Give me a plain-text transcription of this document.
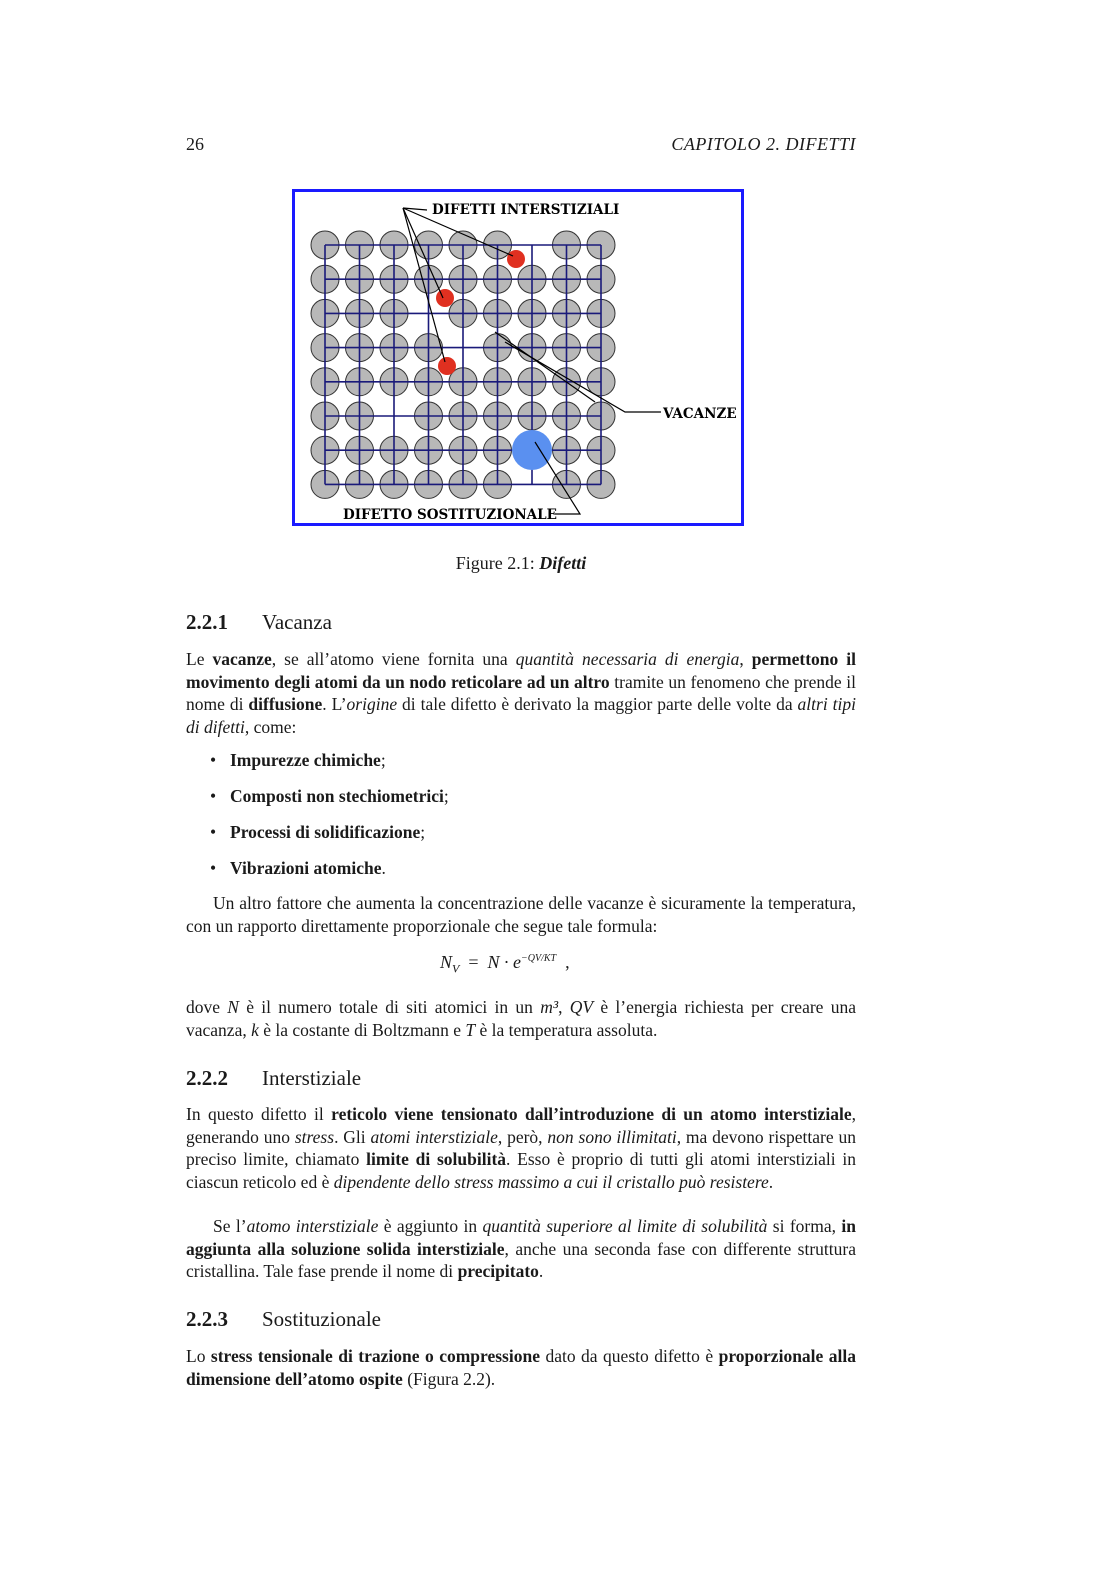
26	CAPITOLO 2. DIFETTI
DIFETTI INTERSTIZIALI
VACANZE
DIFETTO SOSTITUZIONALE
Figure 2.1: Difetti
2.2.1 Vacanza

Le vacanze, se all’atomo viene fornita una quantità necessaria di energia, permettono il movimento degli atomi da un nodo reticolare ad un altro tramite un fenomeno che prende il nome di diffusione. L’origine di tale difetto è derivato la maggior parte delle volte da altri tipi di difetti, come:

• Impurezze chimiche;
• Composti non stechiometrici;
• Processi di solidificazione;
• Vibrazioni atomiche.

Un altro fattore che aumenta la concentrazione delle vacanze è sicuramente la temperatura, con un rapporto direttamente proporzionale che segue tale formula:

$N_V = N \cdot e^{-QV/KT}$ ,

dove N è il numero totale di siti atomici in un m³, QV è l’energia richiesta per creare una vacanza, k è la costante di Boltzmann e T è la temperatura assoluta.

2.2.2 Interstiziale

In questo difetto il reticolo viene tensionato dall’introduzione di un atomo interstiziale, generando uno stress. Gli atomi interstiziale, però, non sono illimitati, ma devono rispettare un preciso limite, chiamato limite di solubilità. Esso è proprio di tutti gli atomi interstiziali in ciascun reticolo ed è dipendente dello stress massimo a cui il cristallo può resistere.

Se l’atomo interstiziale è aggiunto in quantità superiore al limite di solubilità si forma, in aggiunta alla soluzione solida interstiziale, anche una seconda fase con differente struttura cristallina. Tale fase prende il nome di precipitato.

2.2.3 Sostituzionale

Lo stress tensionale di trazione o compressione dato da questo difetto è proporzionale alla dimensione dell’atomo ospite (Figura 2.2).
